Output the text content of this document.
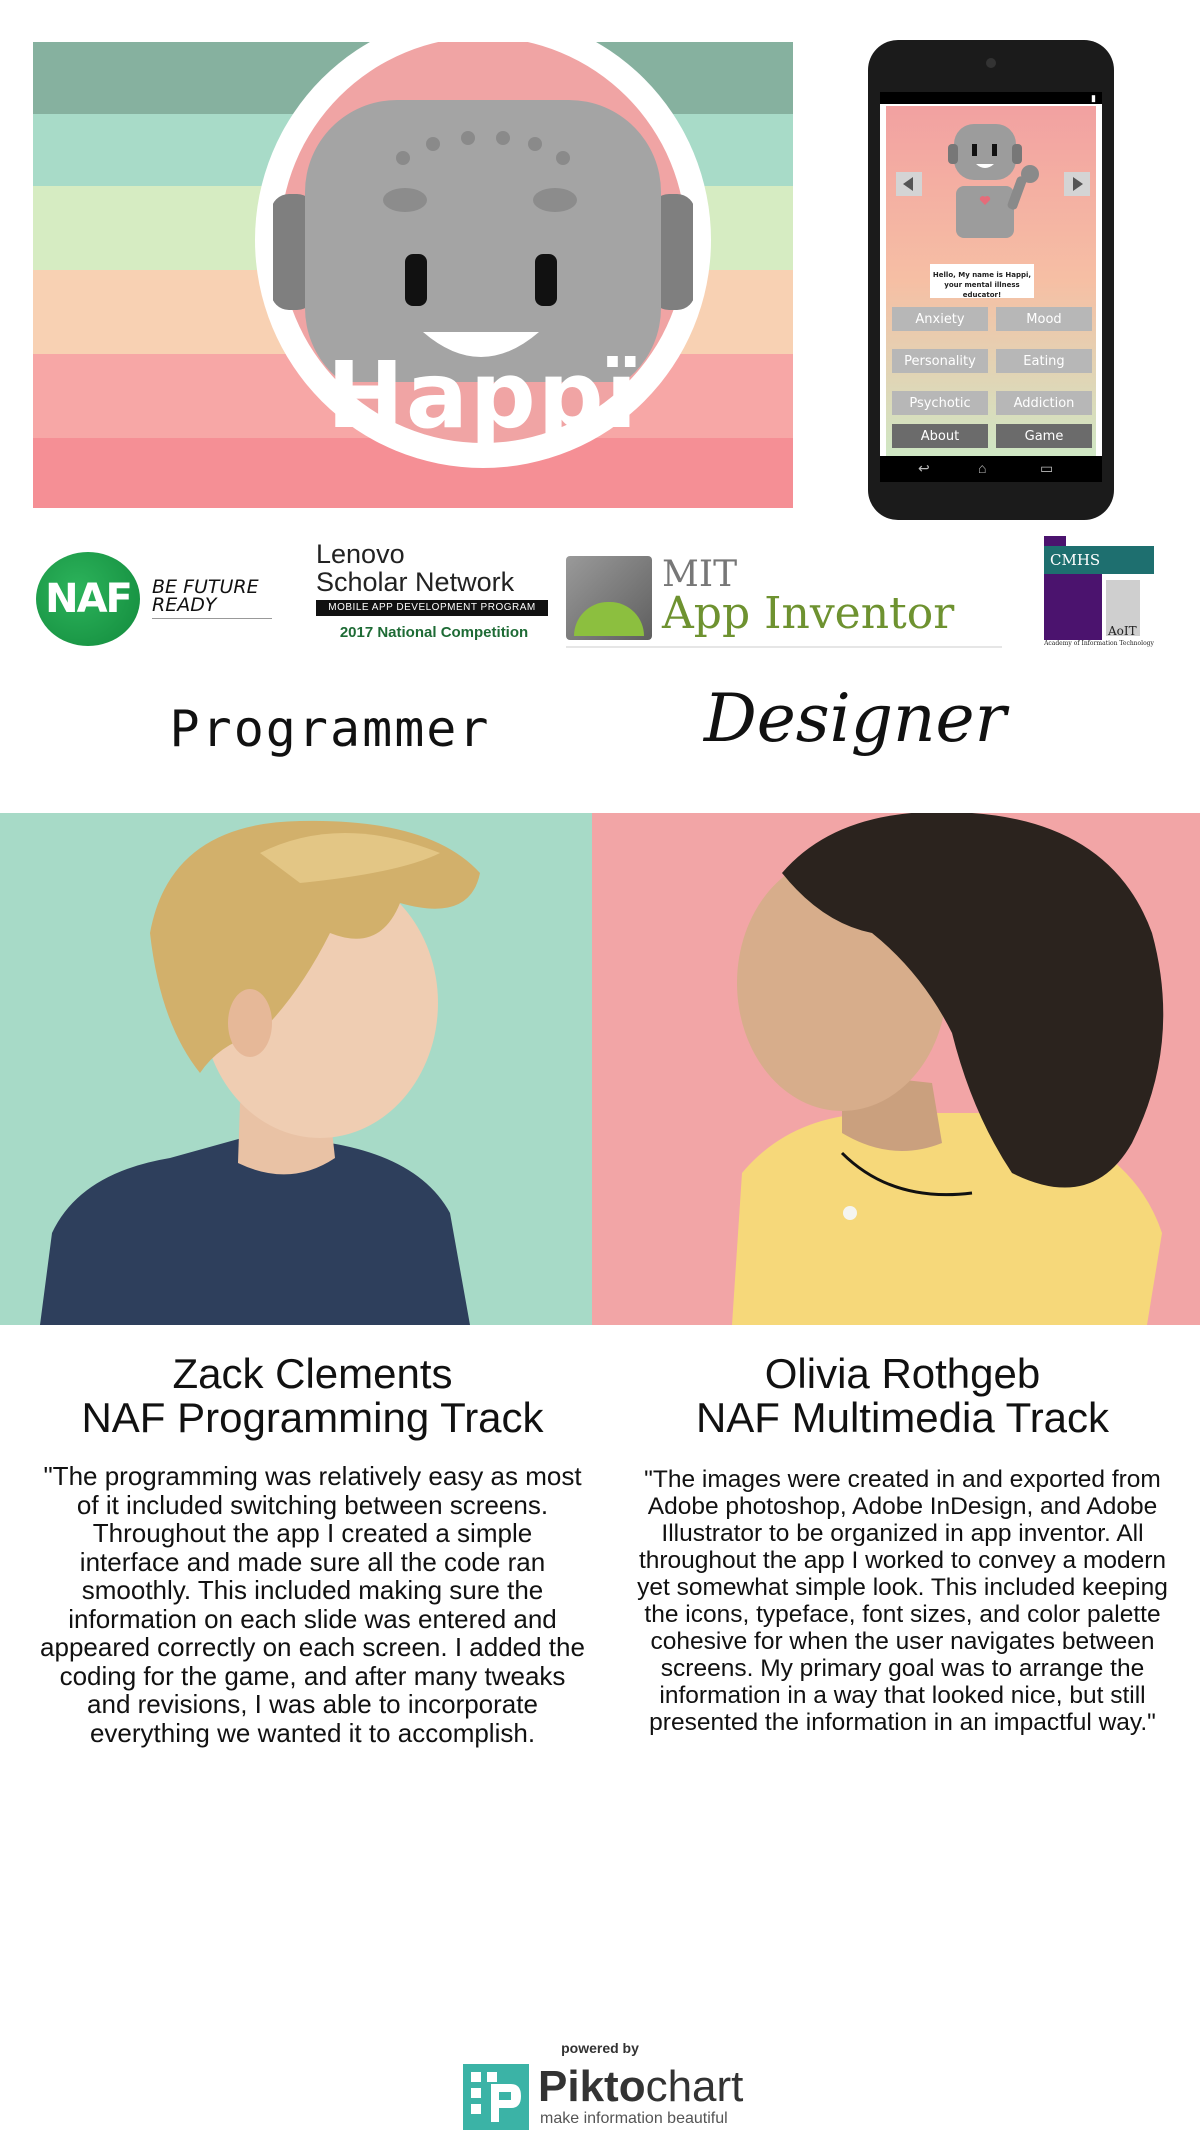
Happï
▮
Hello, My name is Happi, your mental illness educator!
Anxiety	Mood
Personality	Eating
Psychotic	Addiction
About	Game
↩	⌂	▭
NAF	BE FUTURE
READY
Lenovo
Scholar Network
MOBILE APP DEVELOPMENT PROGRAM
2017 National Competition
MIT
App Inventor
CMHS
AoIT
Academy of Information Technology
Programmer	Designer
Zack Clements
NAF Programming Track
"The programming was relatively easy as most of it included switching between screens. Throughout the app I created a simple interface and made sure all the code ran smoothly. This included making sure the information on each slide was entered and appeared correctly on each screen. I added the coding for the game, and after many tweaks and revisions, I was able to incorporate everything we wanted it to accomplish.
Olivia Rothgeb
NAF Multimedia Track
"The images were created in and exported from Adobe photoshop, Adobe InDesign, and Adobe Illustrator to be organized in app inventor. All throughout the app I worked to convey a modern yet somewhat simple look. This included keeping the icons, typeface, font sizes, and color palette cohesive for when the user navigates between screens. My primary goal was to arrange the information in a way that looked nice, but still presented the information in an impactful way."
powered by
Piktochart
make information beautiful
